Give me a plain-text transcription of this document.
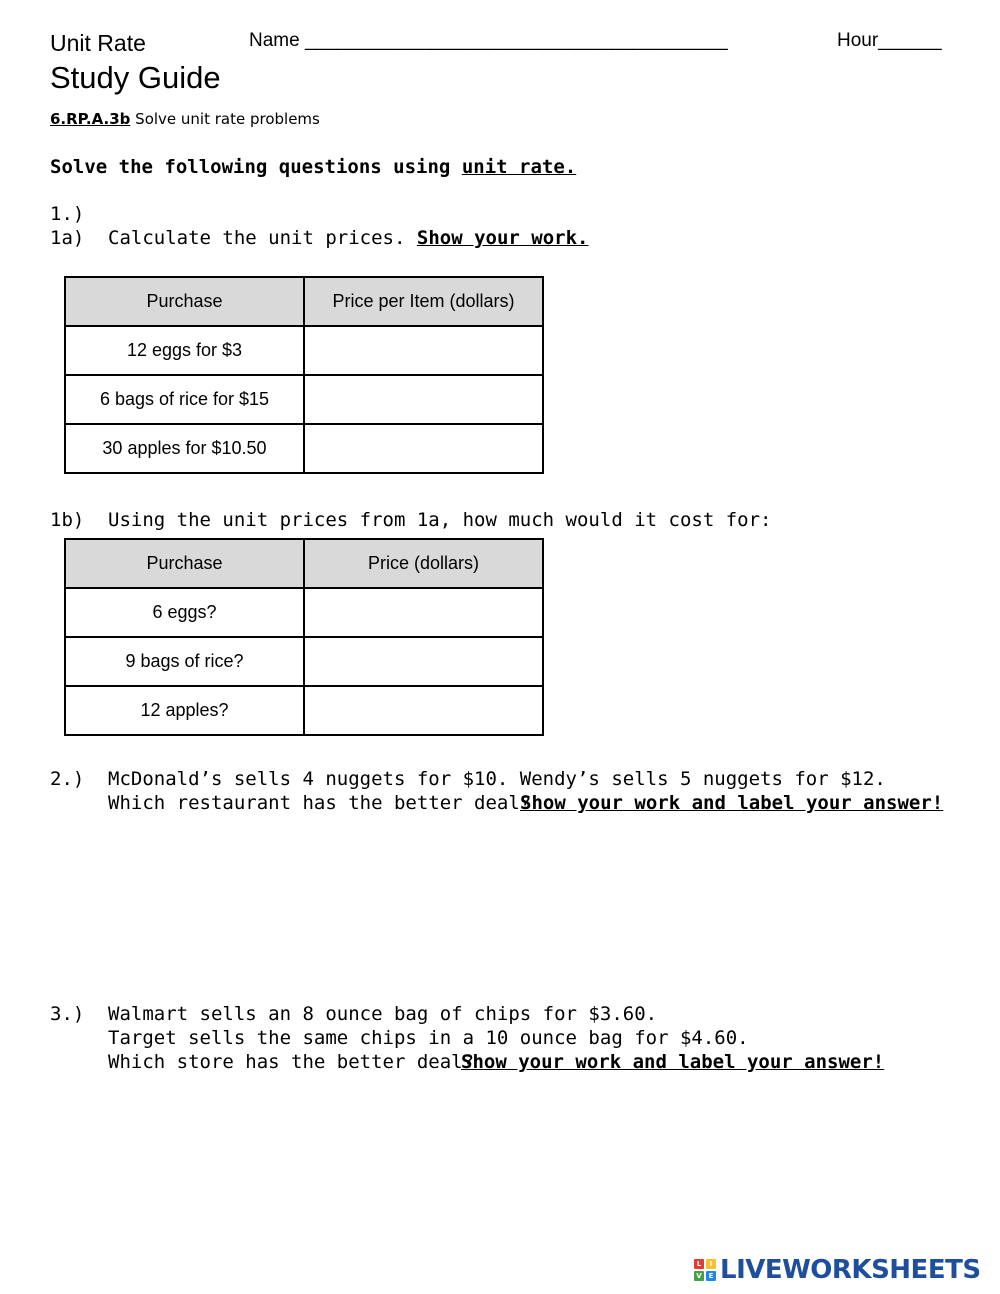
Unit Rate
Study Guide
Name ________________________________________	Hour______
6.RP.A.3b Solve unit rate problems
Solve the following questions using unit rate.
1.)
1a) Calculate the unit prices. Show your work.
Purchase	Price per Item (dollars)
12 eggs for $3	
6 bags of rice for $15	
30 apples for $10.50	
1b) Using the unit prices from 1a, how much would it cost for:
Purchase	Price (dollars)
6 eggs?	
9 bags of rice?	
12 apples?	
2.) McDonald’s sells 4 nuggets for $10. Wendy’s sells 5 nuggets for $12.
Which restaurant has the better deal?
Show your work and label your answer!
3.) Walmart sells an 8 ounce bag of chips for $3.60.
Target sells the same chips in a 10 ounce bag for $4.60.
Which store has the better deal?
Show your work and label your answer!
L	I
V E LIVEWORKSHEETS
